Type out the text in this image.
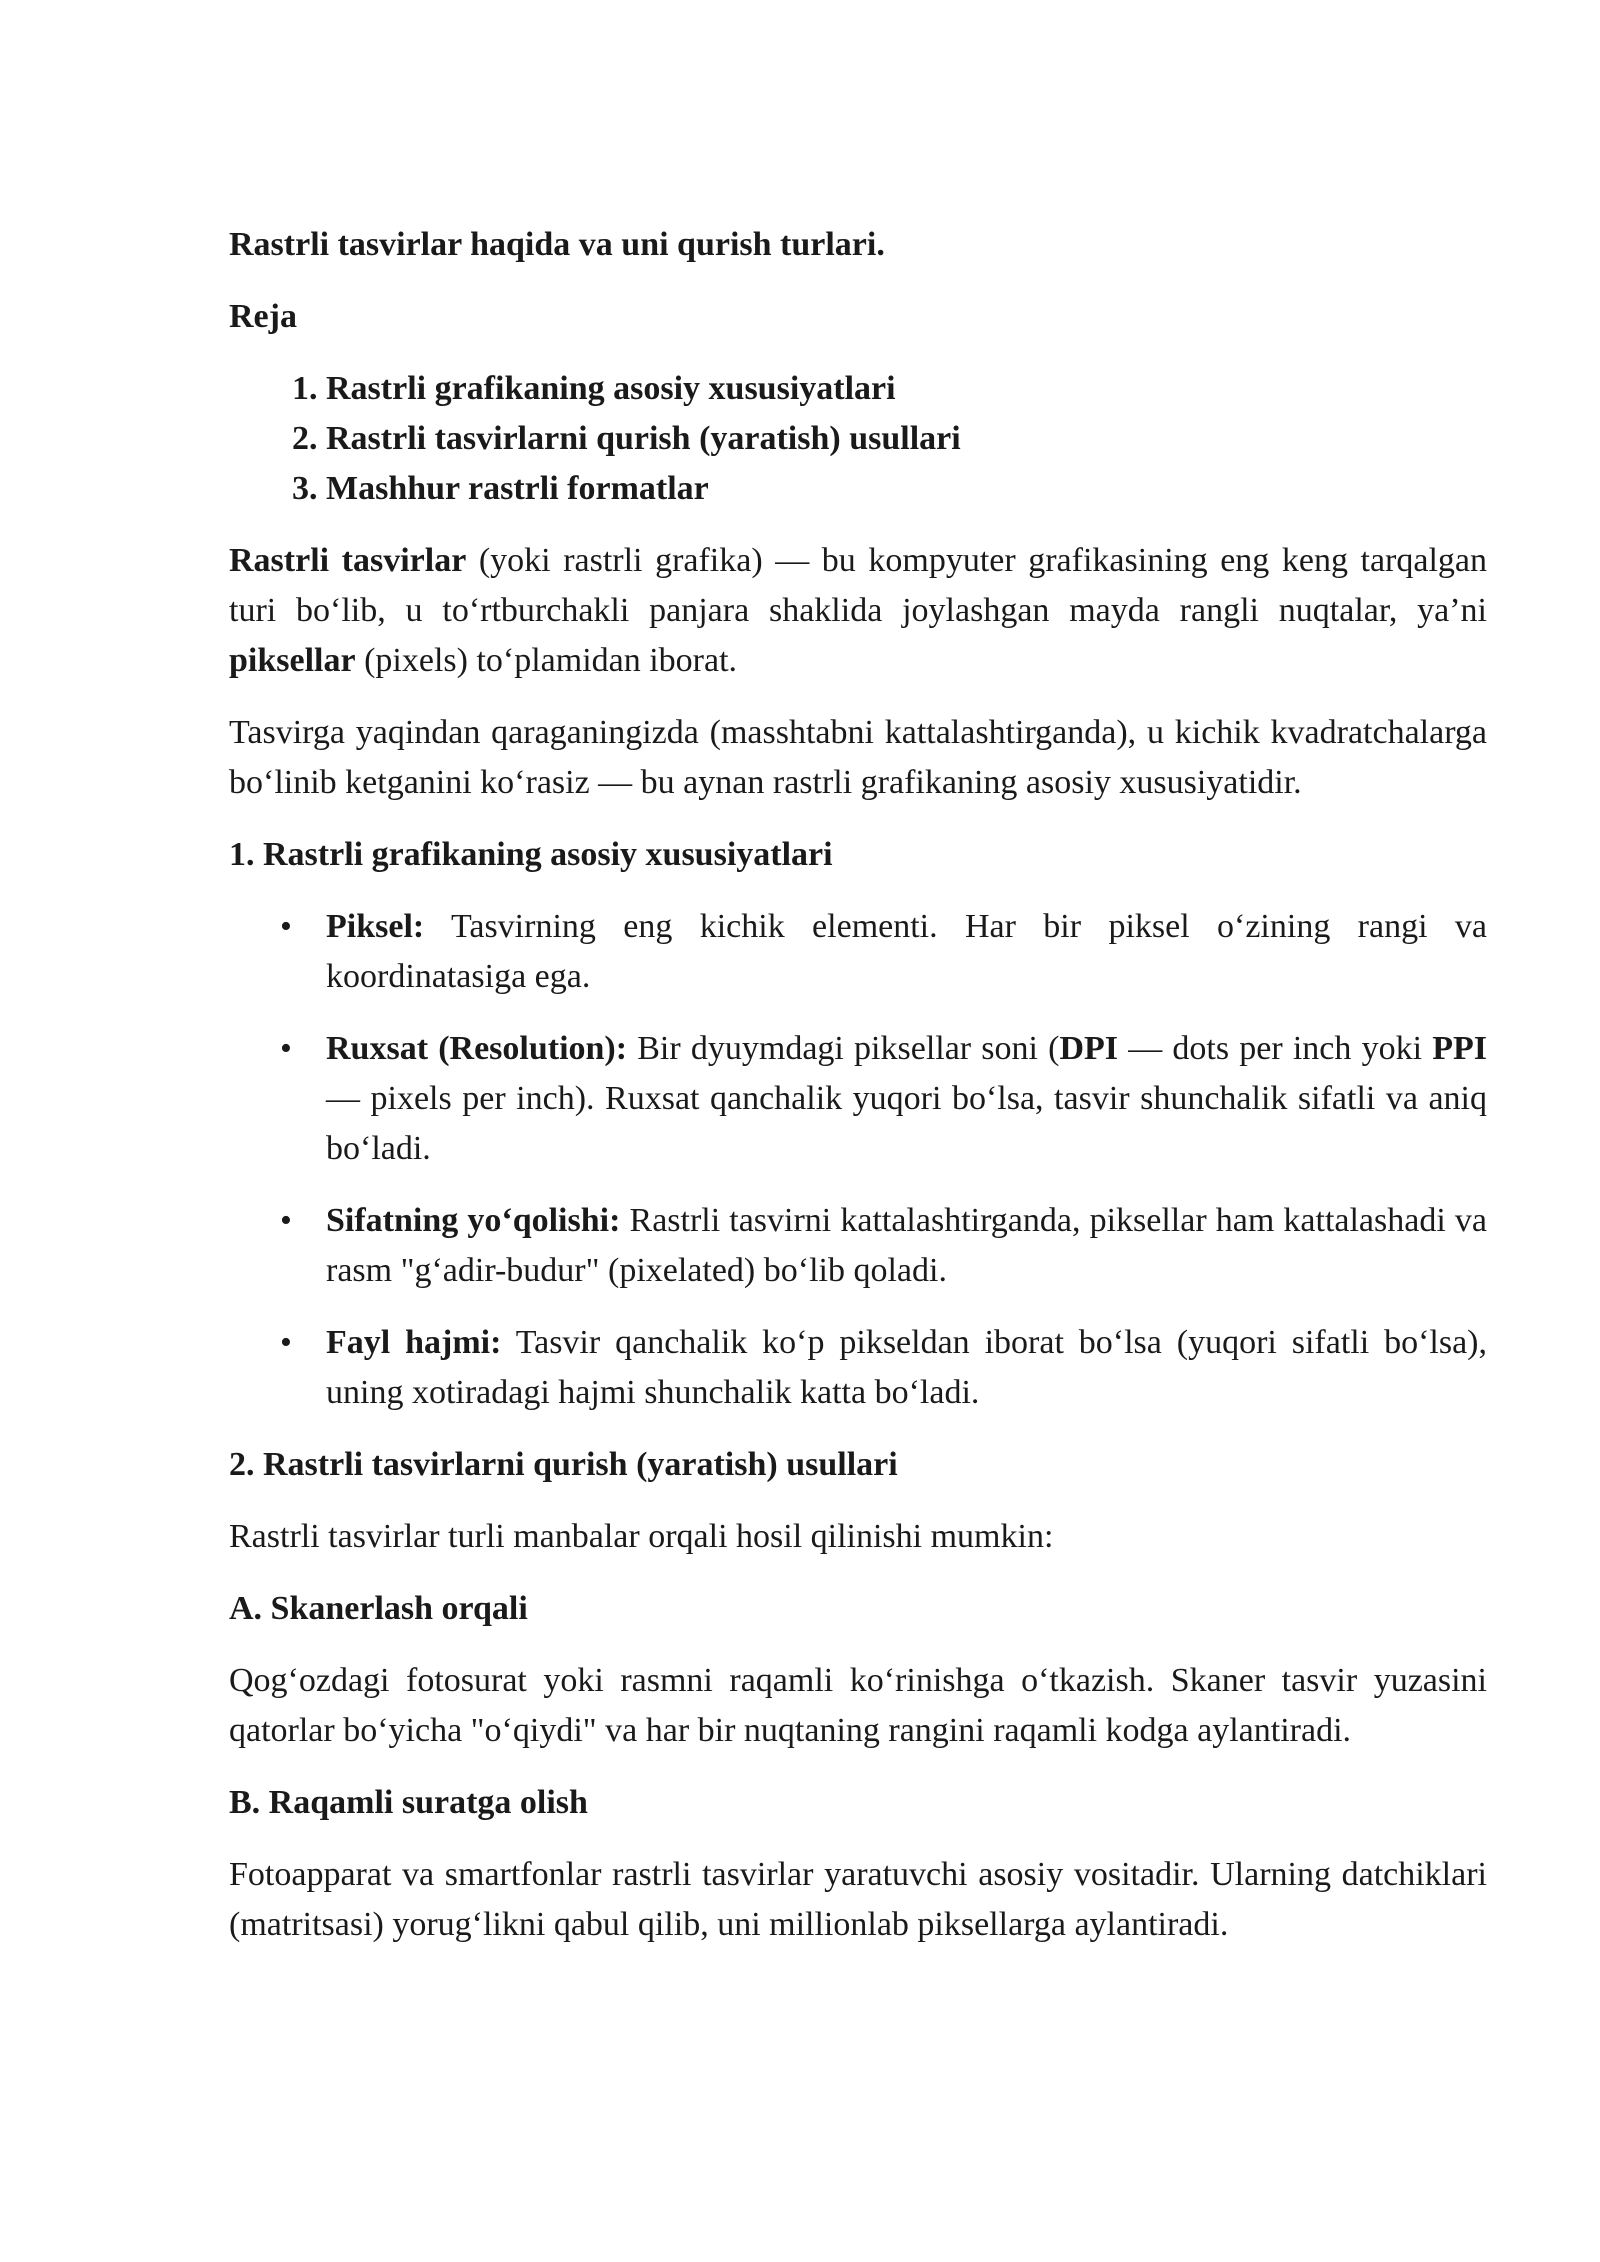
Rastrli tasvirlar haqida va uni qurish turlari.

Reja

1. Rastrli grafikaning asosiy xususiyatlari
2. Rastrli tasvirlarni qurish (yaratish) usullari
3. Mashhur rastrli formatlar

Rastrli tasvirlar (yoki rastrli grafika) — bu kompyuter grafikasining eng keng tarqalgan turi bo‘lib, u to‘rtburchakli panjara shaklida joylashgan mayda rangli nuqtalar, ya’ni piksellar (pixels) to‘plamidan iborat.

Tasvirga yaqindan qaraganingizda (masshtabni kattalashtirganda), u kichik kvadratchalarga bo‘linib ketganini ko‘rasiz — bu aynan rastrli grafikaning asosiy xususiyatidir.

1. Rastrli grafikaning asosiy xususiyatlari

• Piksel: Tasvirning eng kichik elementi. Har bir piksel o‘zining rangi va koordinatasiga ega.
• Ruxsat (Resolution): Bir dyuymdagi piksellar soni (DPI — dots per inch yoki PPI — pixels per inch). Ruxsat qanchalik yuqori bo‘lsa, tasvir shunchalik sifatli va aniq bo‘ladi.
• Sifatning yo‘qolishi: Rastrli tasvirni kattalashtirganda, piksellar ham kattalashadi va rasm "g‘adir-budur" (pixelated) bo‘lib qoladi.
• Fayl hajmi: Tasvir qanchalik ko‘p pikseldan iborat bo‘lsa (yuqori sifatli bo‘lsa), uning xotiradagi hajmi shunchalik katta bo‘ladi.

2. Rastrli tasvirlarni qurish (yaratish) usullari

Rastrli tasvirlar turli manbalar orqali hosil qilinishi mumkin:

A. Skanerlash orqali

Qog‘ozdagi fotosurat yoki rasmni raqamli ko‘rinishga o‘tkazish. Skaner tasvir yuzasini qatorlar bo‘yicha "o‘qiydi" va har bir nuqtaning rangini raqamli kodga aylantiradi.

B. Raqamli suratga olish

Fotoapparat va smartfonlar rastrli tasvirlar yaratuvchi asosiy vositadir. Ularning datchiklari (matritsasi) yorug‘likni qabul qilib, uni millionlab piksellarga aylantiradi.
